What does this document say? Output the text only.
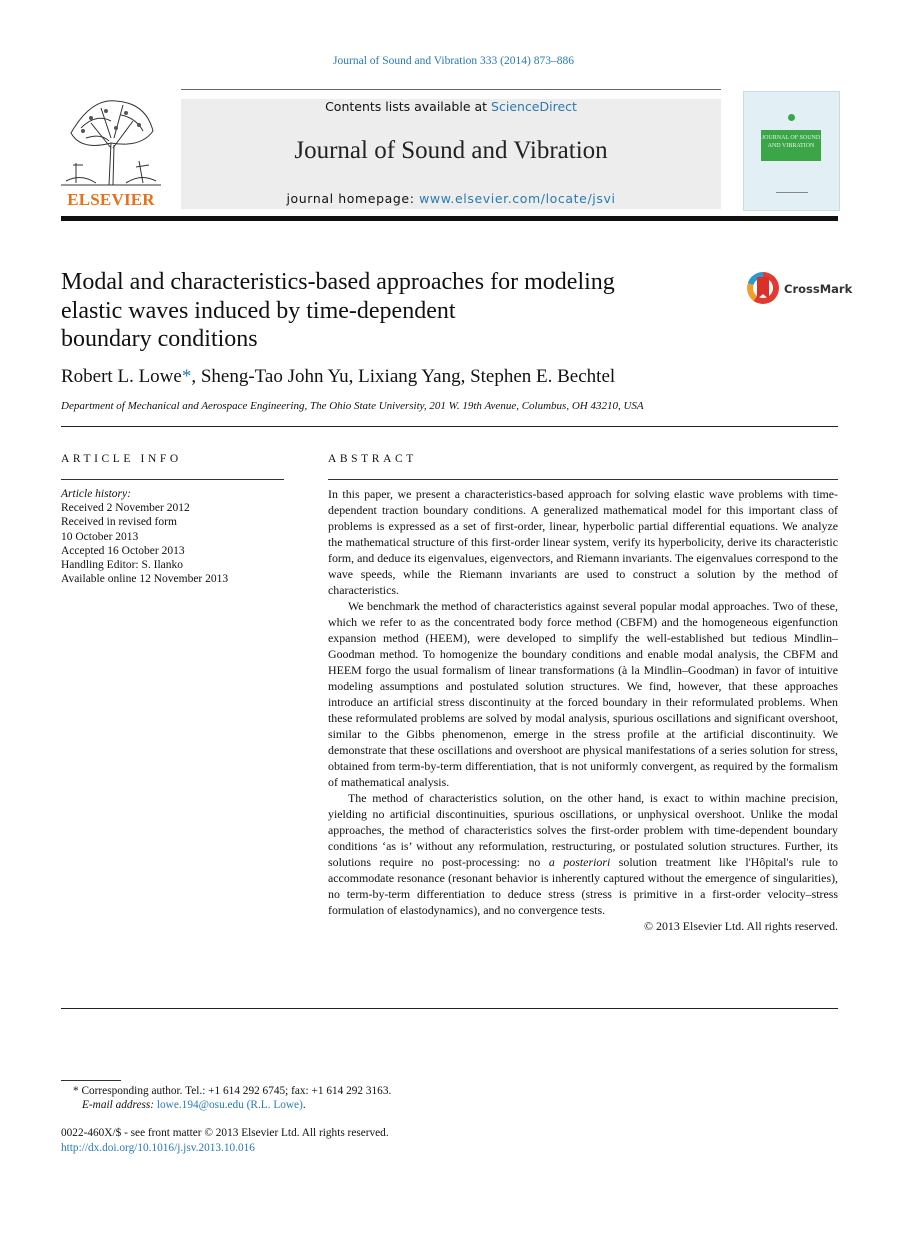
Journal of Sound and Vibration 333 (2014) 873–886
ELSEVIER
Contents lists available at ScienceDirect
Journal of Sound and Vibration
journal homepage: www.elsevier.com/locate/jsvi
JOURNAL OF SOUND AND VIBRATION
Modal and characteristics-based approaches for modeling
elastic waves induced by time-dependent
boundary conditions
CrossMark
Robert L. Lowe*, Sheng-Tao John Yu, Lixiang Yang, Stephen E. Bechtel
Department of Mechanical and Aerospace Engineering, The Ohio State University, 201 W. 19th Avenue, Columbus, OH 43210, USA
ARTICLE INFO
Article history:
Received 2 November 2012
Received in revised form
10 October 2013
Accepted 16 October 2013
Handling Editor: S. Ilanko
Available online 12 November 2013
ABSTRACT

In this paper, we present a characteristics-based approach for solving elastic wave problems with time-dependent traction boundary conditions. A generalized mathematical model for this important class of problems is expressed as a set of first-order, linear, hyperbolic partial differential equations. We analyze the mathematical structure of this first-order linear system, verify its hyperbolicity, derive its characteristic form, and deduce its eigenvalues, eigenvectors, and Riemann invariants. The eigenvalues correspond to the wave speeds, while the Riemann invariants are used to construct a solution by the method of characteristics.

We benchmark the method of characteristics against several popular modal approaches. Two of these, which we refer to as the concentrated body force method (CBFM) and the homogeneous eigenfunction expansion method (HEEM), were developed to simplify the well-established but tedious Mindlin–Goodman method. To homogenize the boundary conditions and enable modal analysis, the CBFM and HEEM forgo the usual formalism of linear transformations (à la Mindlin–Goodman) in favor of intuitive modeling assumptions and postulated solution structures. We find, however, that these approaches introduce an artificial stress discontinuity at the forced boundary in their reformulated problems. When these reformulated problems are solved by modal analysis, spurious oscillations and significant overshoot, similar to the Gibbs phenomenon, emerge in the stress profile at the artificial discontinuity. We demonstrate that these oscillations and overshoot are physical manifestations of a series solution for stress, obtained from term-by-term differentiation, that is not uniformly convergent, as required by the formalism of mathematical analysis.

The method of characteristics solution, on the other hand, is exact to within machine precision, yielding no artificial discontinuities, spurious oscillations, or unphysical overshoot. Unlike the modal approaches, the method of characteristics solves the first-order problem with time-dependent boundary conditions ‘as is’ without any reformulation, restructuring, or postulated solution structures. Further, its solutions require no post-processing: no a posteriori solution treatment like l'Hôpital's rule to accommodate resonance (resonant behavior is inherently captured without the emergence of singularities), no term-by-term differentiation to deduce stress (stress is primitive in a first-order velocity–stress formulation of elastodynamics), and no convergence tests.

© 2013 Elsevier Ltd. All rights reserved.

* Corresponding author. Tel.: +1 614 292 6745; fax: +1 614 292 3163.
E-mail address: lowe.194@osu.edu (R.L. Lowe).
0022-460X/$ - see front matter © 2013 Elsevier Ltd. All rights reserved.
http://dx.doi.org/10.1016/j.jsv.2013.10.016
